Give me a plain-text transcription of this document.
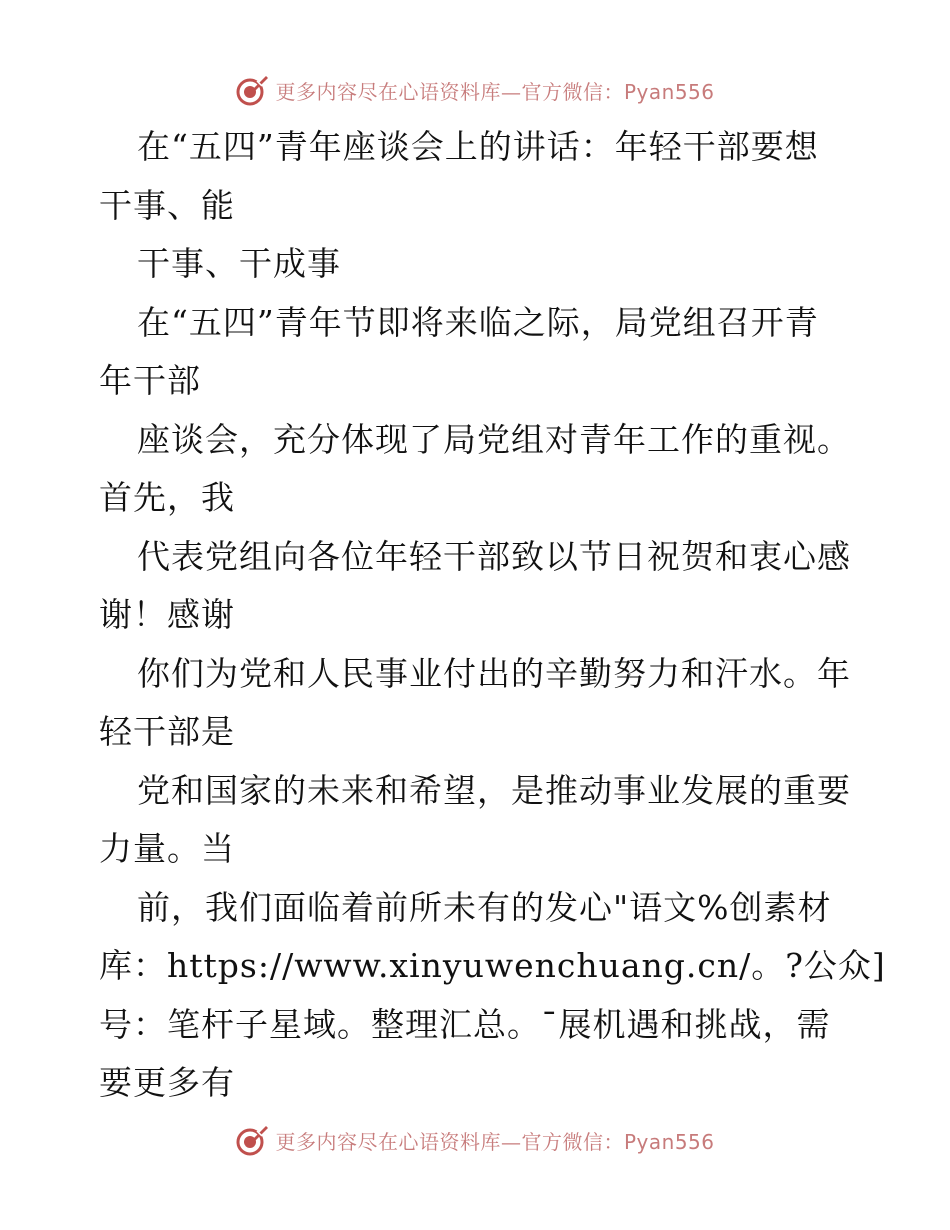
更多内容尽在心语资料库—官方微信：Pyan556
在“五四”青年座谈会上的讲话：年轻干部要想
干事、能
干事、干成事
在“五四”青年节即将来临之际，局党组召开青
年干部
座谈会，充分体现了局党组对青年工作的重视。
首先，我
代表党组向各位年轻干部致以节日祝贺和衷心感
谢！感谢
你们为党和人民事业付出的辛勤努力和汗水。年
轻干部是
党和国家的未来和希望，是推动事业发展的重要
力量。当
前，我们面临着前所未有的发心"语文%创素材
库：https://www.xinyuwenchuang.cn/。?公众]
号：笔杆子星域。整理汇总。¯展机遇和挑战，需
要更多有
更多内容尽在心语资料库—官方微信：Pyan556
